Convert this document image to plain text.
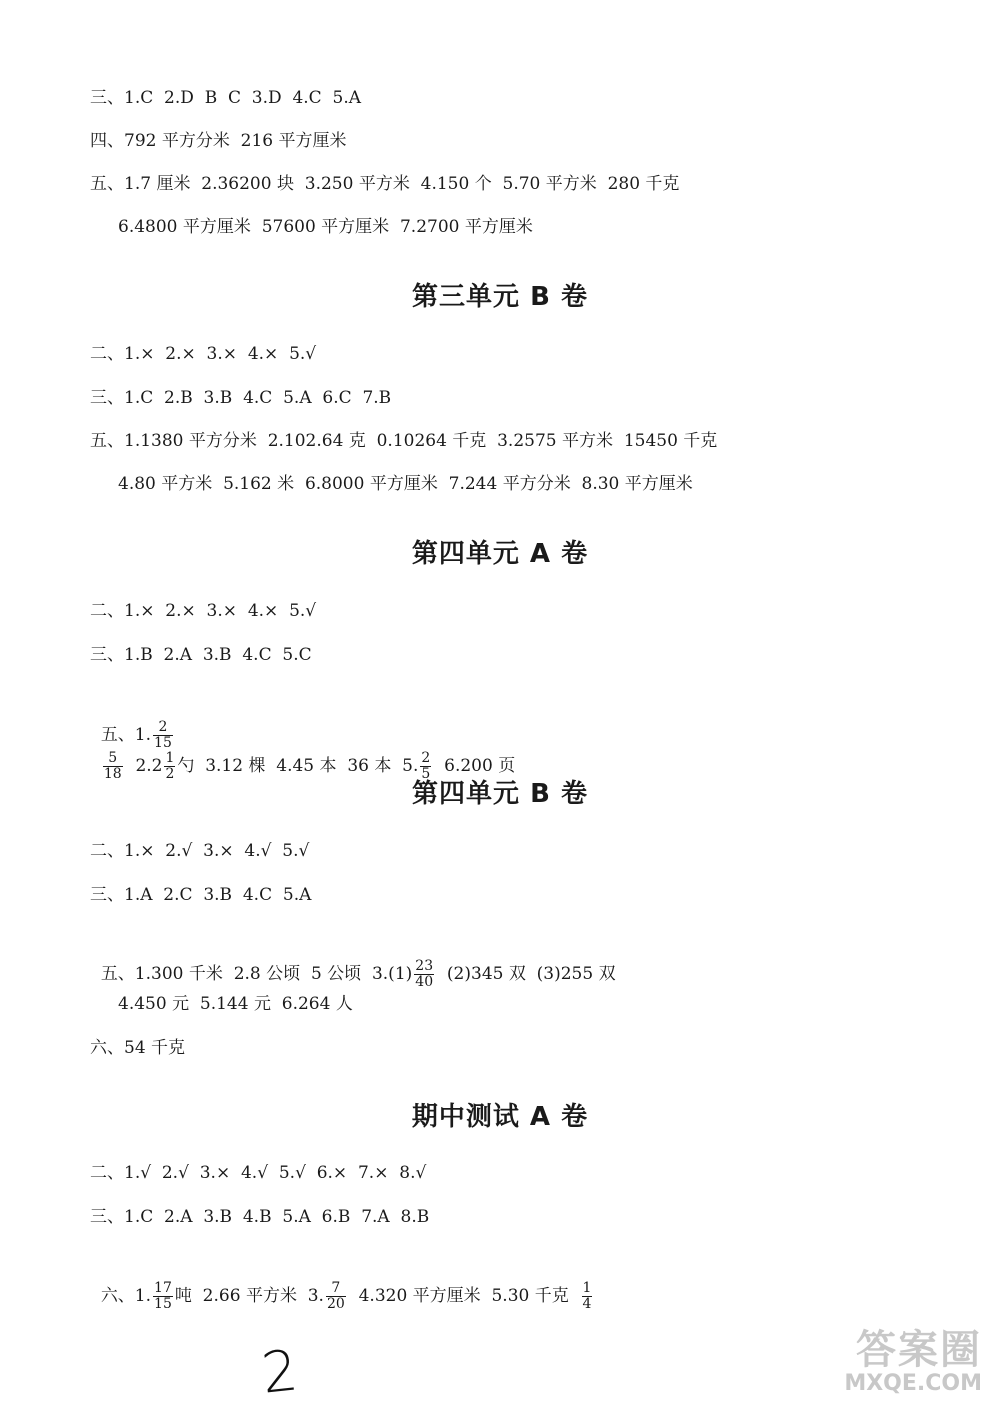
三、1.C  2.D  B  C  3.D  4.C  5.A
四、792 平方分米  216 平方厘米
五、1.7 厘米  2.36200 块  3.250 平方米  4.150 个  5.70 平方米  280 千克
6.4800 平方厘米  57600 平方厘米  7.2700 平方厘米
第三单元 B 卷
二、1.×  2.×  3.×  4.×  5.√
三、1.C  2.B  3.B  4.C  5.A  6.C  7.B
五、1.1380 平方分米  2.102.64 克  0.10264 千克  3.2575 平方米  15450 千克
4.80 平方米  5.162 米  6.8000 平方厘米  7.244 平方分米  8.30 平方厘米
第四单元 A 卷
二、1.×  2.×  3.×  4.×  5.√
三、1.B  2.A  3.B  4.C  5.C

五、1. $\frac{2}{15}$

$\frac{5}{18} 2.2 \frac{1}{2}$ 勺  3.12 棵  4.45 本  36 本  5. $\frac{2}{5} 6.200$ 页

第四单元 B 卷
二、1.×  2.√  3.×  4.√  5.√
三、1.A  2.C  3.B  4.C  5.A

五、1.300 千米  2.8 公顷  5 公顷  $3.(1) \frac{23}{40} (2)345$ 双  (3)255 双

4.450 元  5.144 元  6.264 人
六、54 千克
期中测试 A 卷
二、1.√  2.√  3.×  4.√  5.√  6.×  7.×  8.√
三、1.C  2.A  3.B  4.B  5.A  6.B  7.A  8.B

六、1. $\frac{17}{15}$ 吨  2.66 平方米  3. $\frac{7}{20} 4.320$ 平方厘米  5.30 千克 $\frac{1}{4}$

2	答案圈
MXQE.COM
